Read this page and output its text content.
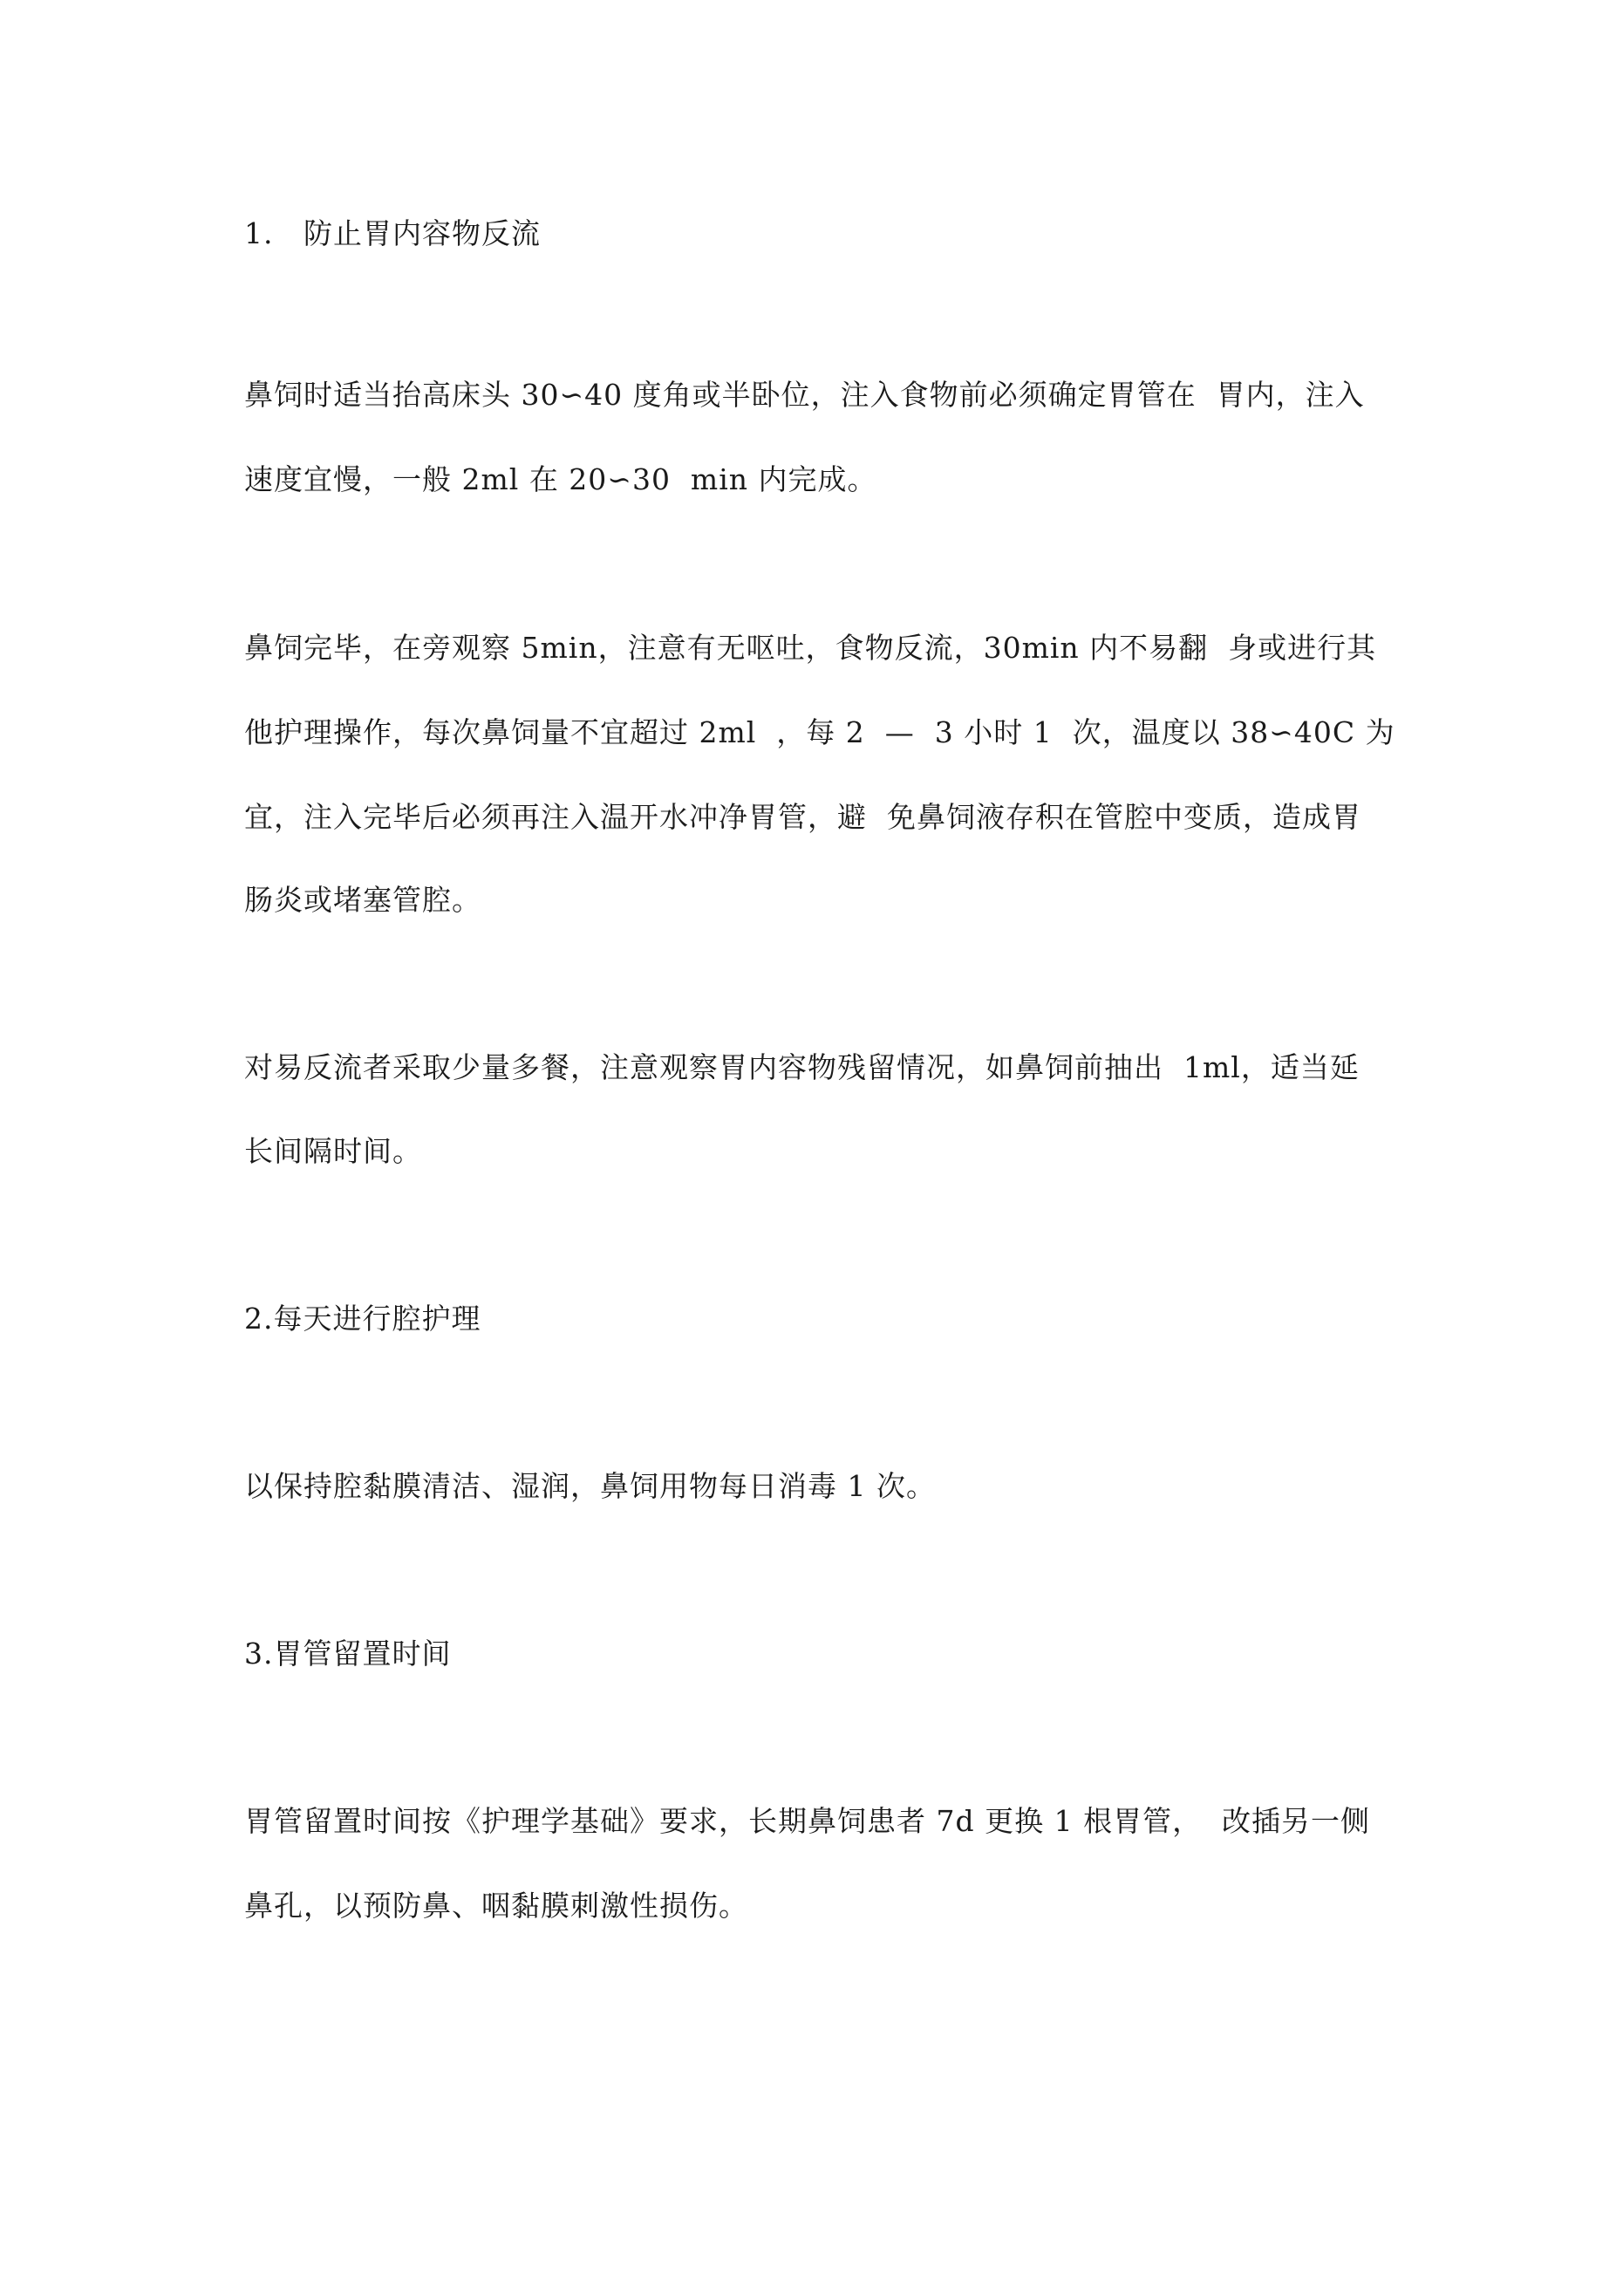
1.   防止胃内容物反流

鼻饲时适当抬高床头 30∽40 度角或半卧位，注入食物前必须确定胃管在  胃内，注入

速度宜慢，一般 2ml 在 20∽30  min 内完成。

鼻饲完毕，在旁观察 5min，注意有无呕吐，食物反流，30min 内不易翻  身或进行其

他护理操作，每次鼻饲量不宜超过 2ml  ，每 2  —  3 小时 1  次，温度以 38∽40C 为

宜，注入完毕后必须再注入温开水冲净胃管，避  免鼻饲液存积在管腔中变质，造成胃

肠炎或堵塞管腔。

对易反流者采取少量多餐，注意观察胃内容物残留情况，如鼻饲前抽出  1ml，适当延

长间隔时间。

2.每天进行腔护理

以保持腔黏膜清洁、湿润，鼻饲用物每日消毒 1 次。

3.胃管留置时间

胃管留置时间按《护理学基础》要求，长期鼻饲患者 7d 更换 1 根胃管，  改插另一侧

鼻孔，以预防鼻、咽黏膜刺激性损伤。
